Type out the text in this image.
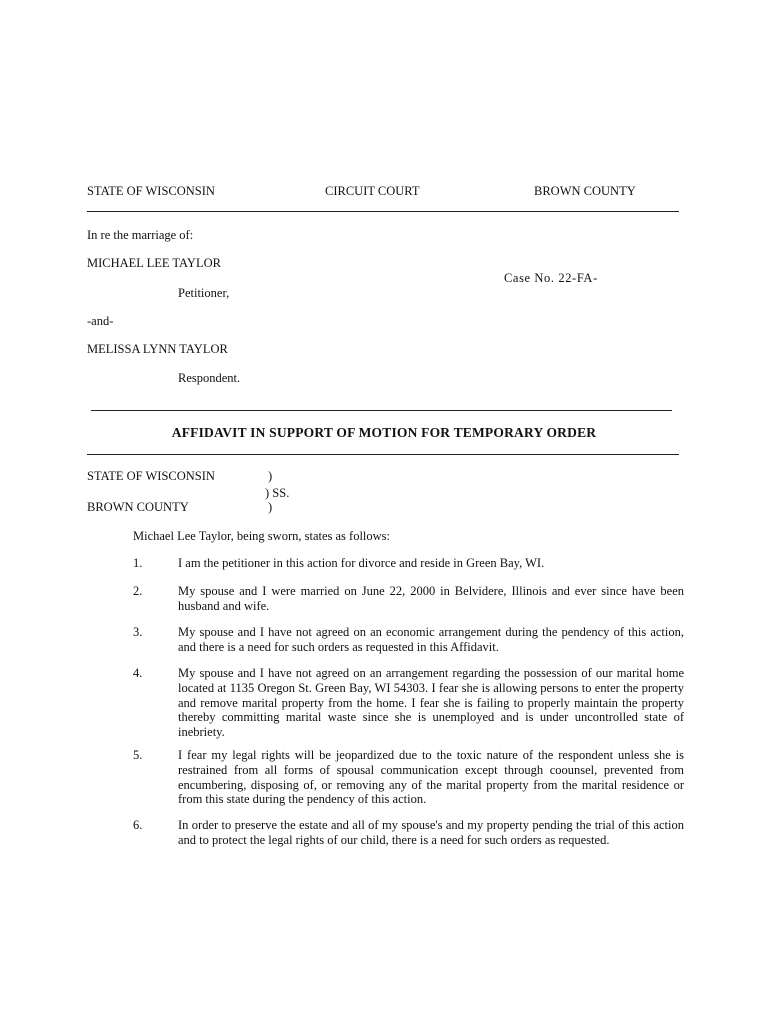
STATE OF WISCONSIN	CIRCUIT COURT	BROWN COUNTY
In re the marriage of:
MICHAEL LEE TAYLOR
Case No. 22-FA-
Petitioner,
-and-
MELISSA LYNN TAYLOR
Respondent.
AFFIDAVIT IN SUPPORT OF MOTION FOR TEMPORARY ORDER
STATE OF WISCONSIN	)
) SS.
BROWN COUNTY	)
Michael Lee Taylor, being sworn, states as follows:
1.	I am the petitioner in this action for divorce and reside in Green Bay, WI.
2.	My spouse and I were married on June 22, 2000 in Belvidere, Illinois and ever since have been husband and wife.
3.	My spouse and I have not agreed on an economic arrangement during the pendency of this action, and there is a need for such orders as requested in this Affidavit.
4.	My spouse and I have not agreed on an arrangement regarding the possession of our marital home located at 1135 Oregon St. Green Bay, WI 54303. I fear she is allowing persons to enter the property and remove marital property from the home. I fear she is failing to properly maintain the property thereby committing marital waste since she is unemployed and is under uncontrolled state of inebriety.
5.	I fear my legal rights will be jeopardized due to the toxic nature of the respondent unless she is restrained from all forms of spousal communication except through coounsel, prevented from encumbering, disposing of, or removing any of the marital property from the marital residence or from this state during the pendency of this action.
6.	In order to preserve the estate and all of my spouse's and my property pending the trial of this action and to protect the legal rights of our child, there is a need for such orders as requested.
